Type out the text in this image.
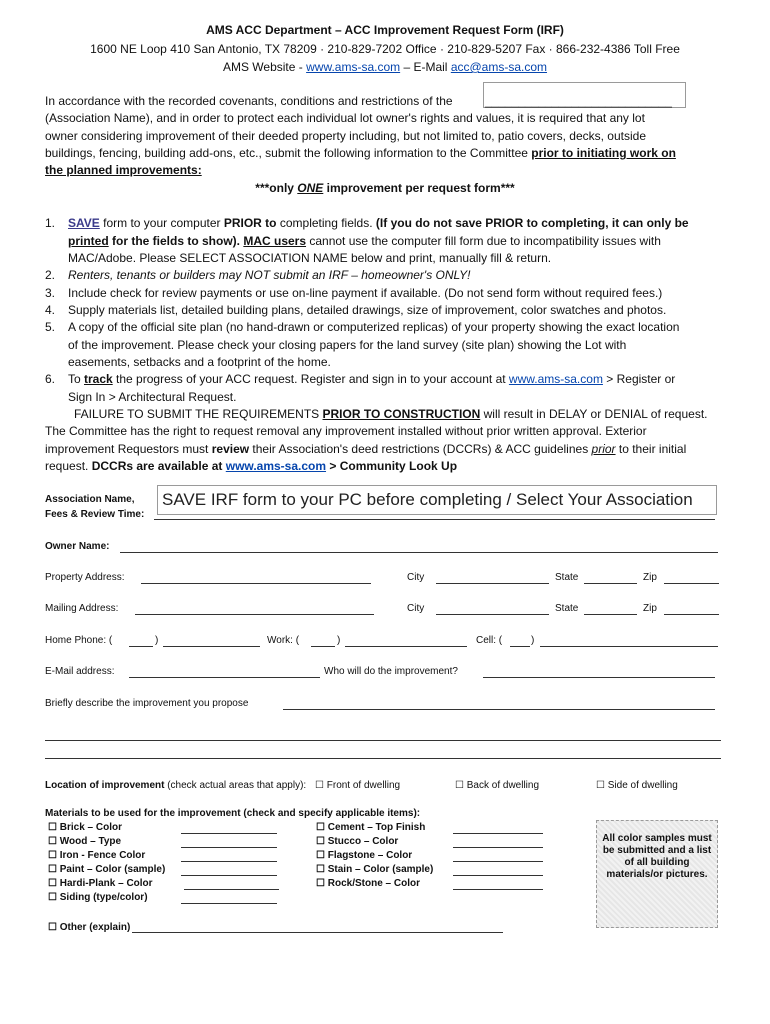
AMS ACC Department – ACC Improvement Request Form (IRF)
1600 NE Loop 410 San Antonio, TX 78209 · 210-829-7202 Office · 210-829-5207 Fax · 866-232-4386 Toll Free
AMS Website - www.ams-sa.com – E-Mail acc@ams-sa.com
In accordance with the recorded covenants, conditions and restrictions of the	____________________________
(Association Name), and in order to protect each individual lot owner's rights and values, it is required that any lot
owner considering improvement of their deeded property including, but not limited to, patio covers, decks, outside
buildings, fencing, building add-ons, etc., submit the following information to the Committee prior to initiating work on
the planned improvements:
***only ONE improvement per request form***
1. SAVE form to your computer PRIOR to completing fields. (If you do not save PRIOR to completing, it can only be
printed for the fields to show). MAC users cannot use the computer fill form due to incompatibility issues with
MAC/Adobe. Please SELECT ASSOCIATION NAME below and print, manually fill & return.
2. Renters, tenants or builders may NOT submit an IRF – homeowner's ONLY!
3. Include check for review payments or use on-line payment if available. (Do not send form without required fees.)
4. Supply materials list, detailed building plans, detailed drawings, size of improvement, color swatches and photos.
5. A copy of the official site plan (no hand-drawn or computerized replicas) of your property showing the exact location
of the improvement. Please check your closing papers for the land survey (site plan) showing the Lot with
easements, setbacks and a footprint of the home.
6. To track the progress of your ACC request. Register and sign in to your account at www.ams-sa.com > Register or
Sign In > Architectural Request.
FAILURE TO SUBMIT THE REQUIREMENTS PRIOR TO CONSTRUCTION will result in DELAY or DENIAL of request.
The Committee has the right to request removal any improvement installed without prior written approval. Exterior
improvement Requestors must review their Association's deed restrictions (DCCRs) & ACC guidelines prior to their initial
request. DCCRs are available at www.ams-sa.com > Community Look Up
Association Name,
Fees & Review Time:
SAVE IRF form to your PC before completing / Select Your Association
Owner Name:
Property Address:	City	State	Zip
Mailing Address:	City	State	Zip
Home Phone: (	)	Work: (	)	Cell: (	)
E-Mail address:	Who will do the improvement?
Briefly describe the improvement you propose
Location of improvement (check actual areas that apply): ☐ Front of dwelling	☐ Back of dwelling	☐ Side of dwelling
Materials to be used for the improvement (check and specify applicable items):
☐ Brick – Color
☐ Wood – Type
☐ Iron - Fence Color
☐ Paint – Color (sample)
☐ Hardi-Plank – Color
☐ Siding (type/color)
☐ Cement – Top Finish
☐ Stucco – Color
☐ Flagstone – Color
☐ Stain – Color (sample)
☐ Rock/Stone – Color
All color samples must be submitted and a list of all building materials/or pictures.
☐ Other (explain)
